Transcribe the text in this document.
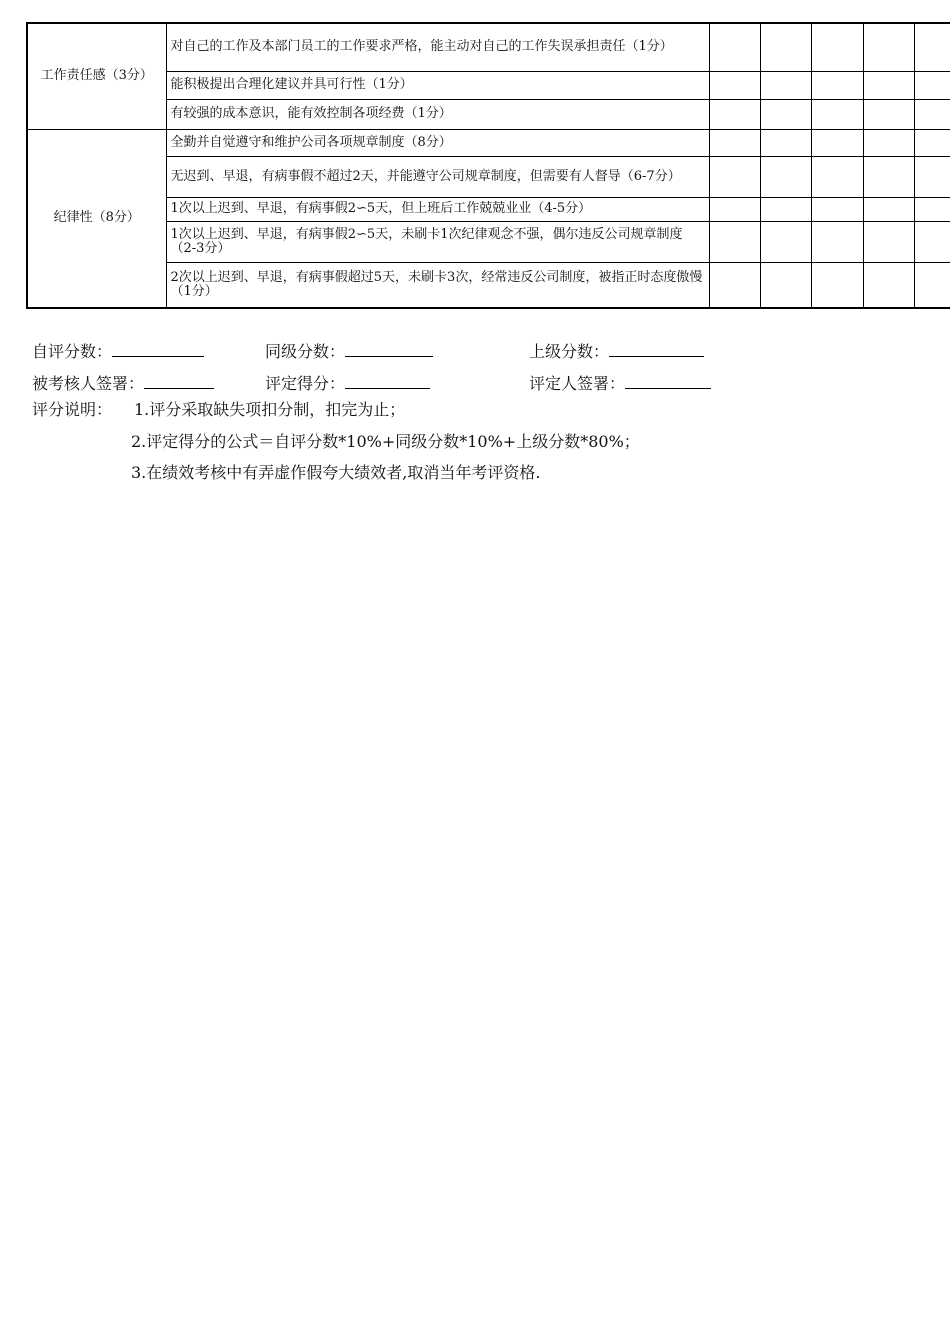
工作责任感（3分）	对自己的工作及本部门员工的工作要求严格，能主动对自己的工作失误承担责任（1分）					
	能积极提出合理化建议并具可行性（1分）					
	有较强的成本意识，能有效控制各项经费（1分）					
纪律性（8分）	全勤并自觉遵守和维护公司各项规章制度（8分）					
	无迟到、早退，有病事假不超过2天，并能遵守公司规章制度，但需要有人督导（6-7分）					
	1次以上迟到、早退，有病事假2∽5天，但上班后工作兢兢业业（4-5分）					
	1次以上迟到、早退，有病事假2∽5天，未刷卡1次纪律观念不强，偶尔违反公司规章制度（2-3分）					
	2次以上迟到、早退，有病事假超过5天，未刷卡3次，经常违反公司制度，被指正时态度傲慢（1分）					
自评分数：	同级分数：	上级分数：
被考核人签署：	评定得分：	评定人签署：
评分说明： 1.评分采取缺失项扣分制，扣完为止；
2.评定得分的公式＝自评分数*10%+同级分数*10%+上级分数*80%；
3.在绩效考核中有弄虚作假夸大绩效者,取消当年考评资格.
